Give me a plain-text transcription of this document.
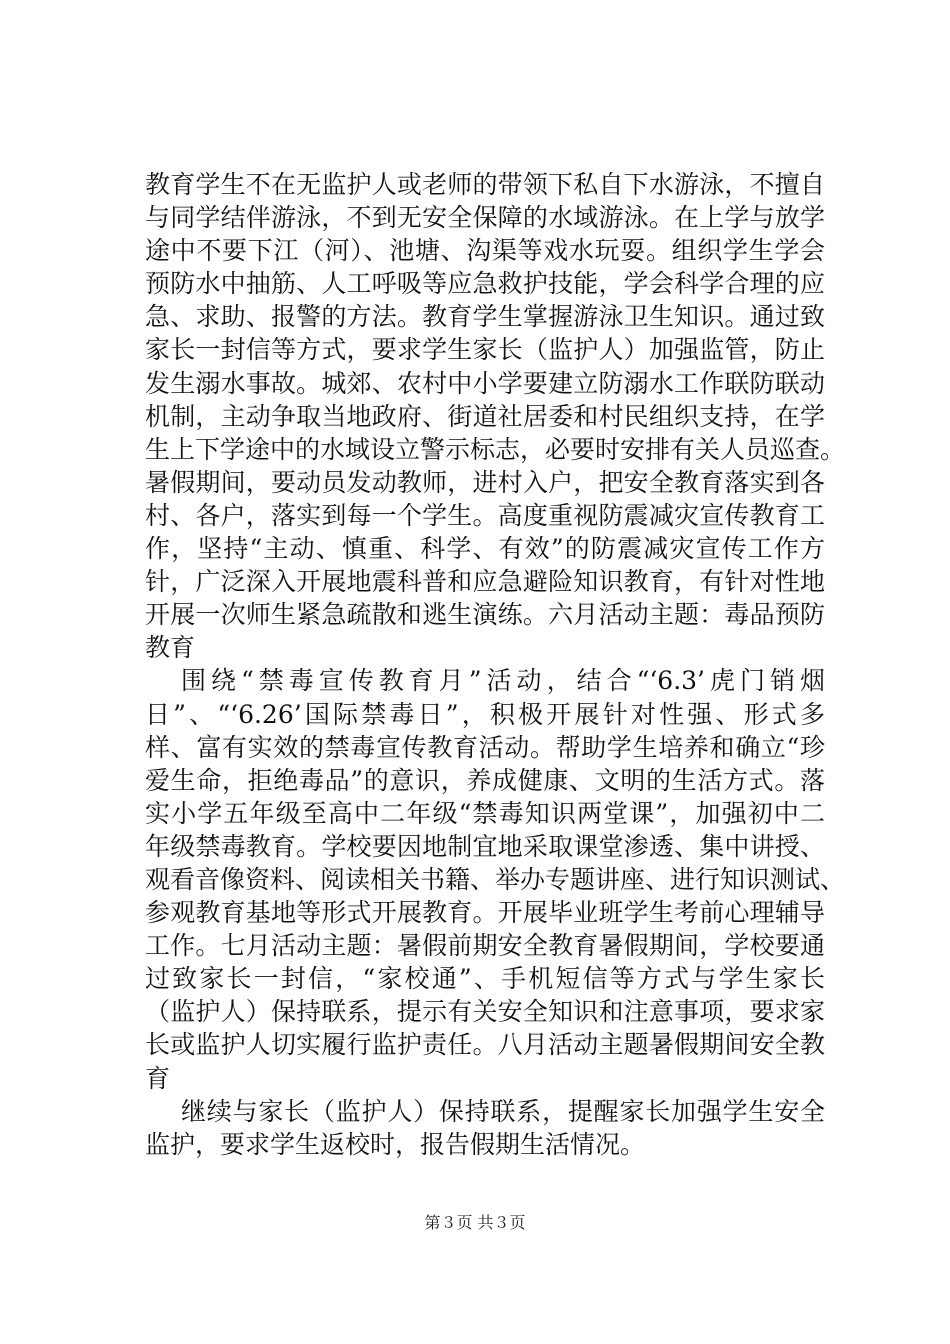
教育学生不在无监护人或老师的带领下私自下水游泳，不擅自
与同学结伴游泳，不到无安全保障的水域游泳。在上学与放学
途中不要下江（河）、池塘、沟渠等戏水玩耍。组织学生学会
预防水中抽筋、人工呼吸等应急救护技能，学会科学合理的应
急、求助、报警的方法。教育学生掌握游泳卫生知识。通过致
家长一封信等方式，要求学生家长（监护人）加强监管，防止
发生溺水事故。城郊、农村中小学要建立防溺水工作联防联动
机制，主动争取当地政府、街道社居委和村民组织支持，在学
生上下学途中的水域设立警示标志，必要时安排有关人员巡查。
暑假期间，要动员发动教师，进村入户，把安全教育落实到各
村、各户，落实到每一个学生。高度重视防震减灾宣传教育工
作，坚持“主动、慎重、科学、有效”的防震减灾宣传工作方
针，广泛深入开展地震科普和应急避险知识教育，有针对性地
开展一次师生紧急疏散和逃生演练。六月活动主题：毒品预防
教育
围绕“禁毒宣传教育月”活动，结合“‘6.3’虎门销烟
日”、“‘6.26’国际禁毒日”，积极开展针对性强、形式多
样、富有实效的禁毒宣传教育活动。帮助学生培养和确立“珍
爱生命，拒绝毒品”的意识，养成健康、文明的生活方式。落
实小学五年级至高中二年级“禁毒知识两堂课”，加强初中二
年级禁毒教育。学校要因地制宜地采取课堂渗透、集中讲授、
观看音像资料、阅读相关书籍、举办专题讲座、进行知识测试、
参观教育基地等形式开展教育。开展毕业班学生考前心理辅导
工作。七月活动主题：暑假前期安全教育暑假期间，学校要通
过致家长一封信，“家校通”、手机短信等方式与学生家长
（监护人）保持联系，提示有关安全知识和注意事项，要求家
长或监护人切实履行监护责任。八月活动主题暑假期间安全教
育
继续与家长（监护人）保持联系，提醒家长加强学生安全
监护，要求学生返校时，报告假期生活情况。
第３页 共３页
